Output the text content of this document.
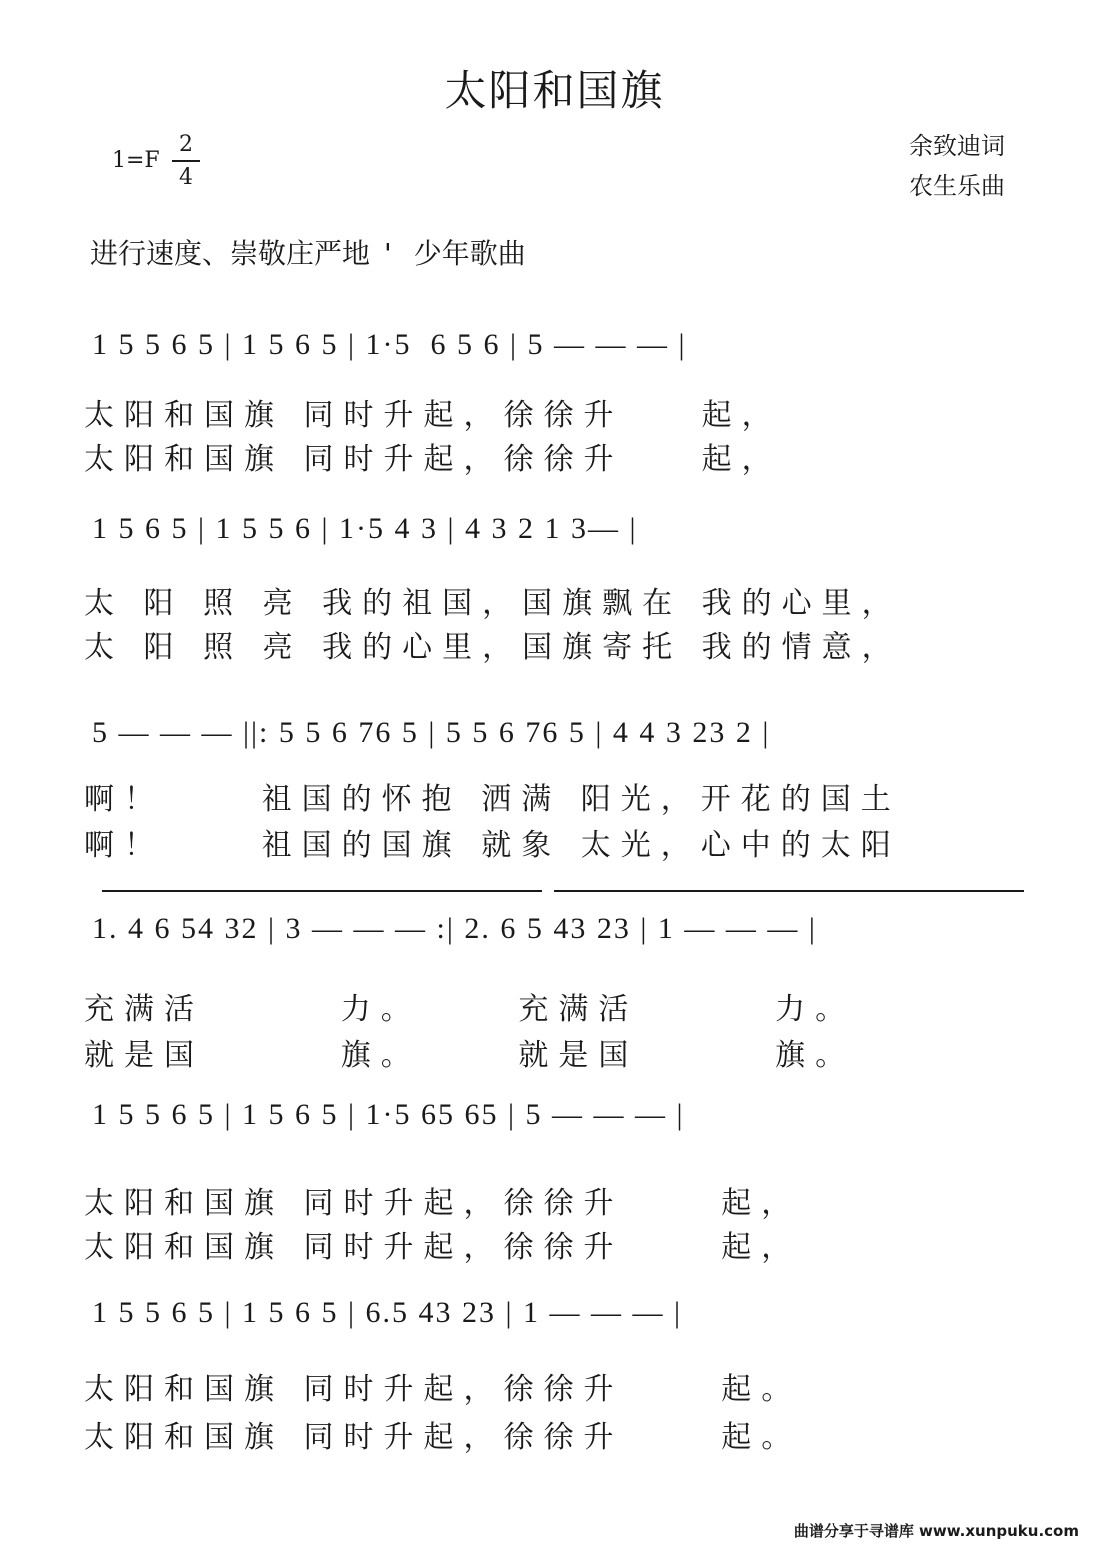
太阳和国旗
1=F
2
4
余致迪词
农生乐曲
进行速度、崇敬庄严地 ' 少年歌曲
1 5 5 6 5 | 1 5 6 5 | 1·5  6 5 6 | 5 — — — |
太阳和国旗 同时升起，徐徐升    起，
太阳和国旗 同时升起，徐徐升    起，
1 5 6 5 | 1 5 5 6 | 1·5 4 3 | 4 3 2 1 3— |
太 阳 照 亮 我的祖国，国旗飘在 我的心里，
太 阳 照 亮 我的心里，国旗寄托 我的情意，
5 — — — ||: 5 5 6 76 5 | 5 5 6 76 5 | 4 4 3 23 2 |
啊！     祖国的怀抱 洒满 阳光，开花的国土
啊！     祖国的国旗 就象 太光，心中的太阳
1. 4 6 54 32 | 3 — — — :| 2. 6 5 43 23 | 1 — — — |
充满活       力。     充满活       力。
就是国       旗。     就是国       旗。
1 5 5 6 5 | 1 5 6 5 | 1·5 65 65 | 5 — — — |
太阳和国旗 同时升起，徐徐升     起，
太阳和国旗 同时升起，徐徐升     起，
1 5 5 6 5 | 1 5 6 5 | 6.5 43 23 | 1 — — — |
太阳和国旗 同时升起，徐徐升     起。
太阳和国旗 同时升起，徐徐升     起。
曲谱分享于寻谱库 www.xunpuku.com
